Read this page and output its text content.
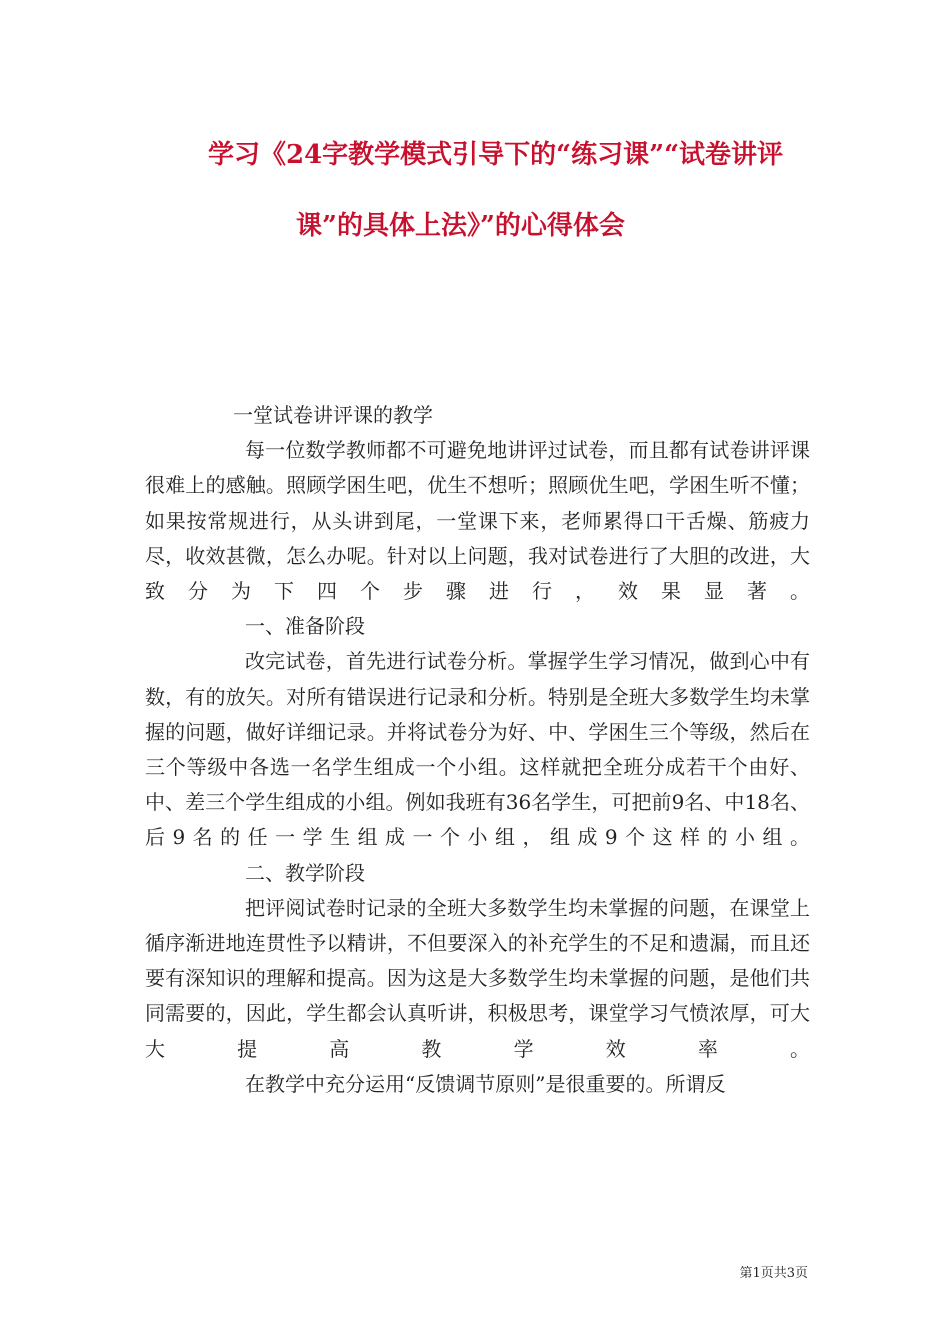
学习《24字教学模式引导下的“练习课”“试卷讲评
课”的具体上法》”的心得体会

一堂试卷讲评课的教学

每一位数学教师都不可避免地讲评过试卷，而且都有试卷讲评课很难上的感触。照顾学困生吧，优生不想听；照顾优生吧，学困生听不懂；如果按常规进行，从头讲到尾，一堂课下来，老师累得口干舌燥、筋疲力尽，收效甚微，怎么办呢。针对以上问题，我对试卷进行了大胆的改进，大致分为下四个步骤进行，效果显著。

一、准备阶段

改完试卷，首先进行试卷分析。掌握学生学习情况，做到心中有数，有的放矢。对所有错误进行记录和分析。特别是全班大多数学生均未掌握的问题，做好详细记录。并将试卷分为好、中、学困生三个等级，然后在三个等级中各选一名学生组成一个小组。这样就把全班分成若干个由好、中、差三个学生组成的小组。例如我班有36名学生，可把前9名、中18名、后9名的任一学生组成一个小组，组成9个这样的小组。

二、教学阶段

把评阅试卷时记录的全班大多数学生均未掌握的问题，在课堂上循序渐进地连贯性予以精讲，不但要深入的补充学生的不足和遗漏，而且还要有深知识的理解和提高。因为这是大多数学生均未掌握的问题，是他们共同需要的，因此，学生都会认真听讲，积极思考，课堂学习气愤浓厚，可大大提高教学效率。

在教学中充分运用“反馈调节原则”是很重要的。所谓反

第1页共3页
